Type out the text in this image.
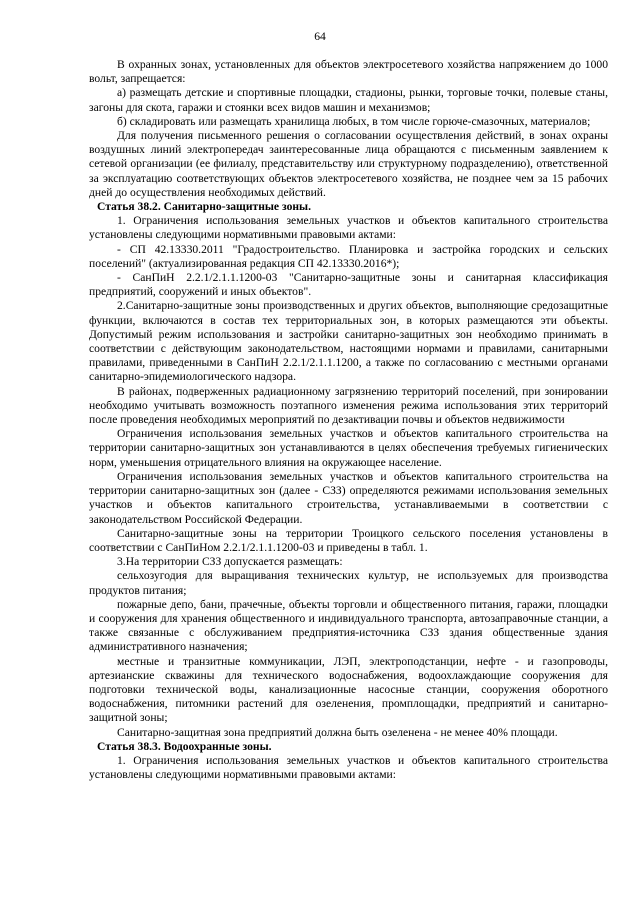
64

В охранных зонах, установленных для объектов электросетевого хозяйства напряжением до 1000 вольт, запрещается:

а) размещать детские и спортивные площадки, стадионы, рынки, торговые точки, полевые станы, загоны для скота, гаражи и стоянки всех видов машин и механизмов;

б) складировать или размещать хранилища любых, в том числе горюче-смазочных, материалов;

Для получения письменного решения о согласовании осуществления действий, в зонах охраны воздушных линий электропередач заинтересованные лица обращаются с письменным заявлением к сетевой организации (ее филиалу, представительству или структурному подразделению), ответственной за эксплуатацию соответствующих объектов электросетевого хозяйства, не позднее чем за 15 рабочих дней до осуществления необходимых действий.

Статья 38.2. Санитарно-защитные зоны.

1. Ограничения использования земельных участков и объектов капитального строительства установлены следующими нормативными правовыми актами:

- СП 42.13330.2011 "Градостроительство. Планировка и застройка городских и сельских поселений" (актуализированная редакция СП 42.13330.2016*);

- СанПиН 2.2.1/2.1.1.1200-03 "Санитарно-защитные зоны и санитарная классификация предприятий, сооружений и иных объектов".

2.Санитарно-защитные зоны производственных и других объектов, выполняющие средозащитные функции, включаются в состав тех территориальных зон, в которых размещаются эти объекты. Допустимый режим использования и застройки санитарно-защитных зон необходимо принимать в соответствии с действующим законодательством, настоящими нормами и правилами, санитарными правилами, приведенными в СанПиН 2.2.1/2.1.1.1200, а также по согласованию с местными органами санитарно-эпидемиологического надзора.

В районах, подверженных радиационному загрязнению территорий поселений, при зонировании необходимо учитывать возможность поэтапного изменения режима использования этих территорий после проведения необходимых мероприятий по дезактивации почвы и объектов недвижимости

Ограничения использования земельных участков и объектов капитального строительства на территории санитарно-защитных зон устанавливаются в целях обеспечения требуемых гигиенических норм, уменьшения отрицательного влияния на окружающее население.

Ограничения использования земельных участков и объектов капитального строительства на территории санитарно-защитных зон (далее - СЗЗ) определяются режимами использования земельных участков и объектов капитального строительства, устанавливаемыми в соответствии с законодательством Российской Федерации.

Санитарно-защитные зоны на территории Троицкого сельского поселения установлены в соответствии с СанПиНом 2.2.1/2.1.1.1200-03 и приведены в табл. 1.

3.На территории СЗЗ допускается размещать:

сельхозугодия для выращивания технических культур, не используемых для производства продуктов питания;

пожарные депо, бани, прачечные, объекты торговли и общественного питания, гаражи, площадки и сооружения для хранения общественного и индивидуального транспорта, автозаправочные станции, а также связанные с обслуживанием предприятия-источника СЗЗ здания общественные здания административного назначения;

местные и транзитные коммуникации, ЛЭП, электроподстанции, нефте - и газопроводы, артезианские скважины для технического водоснабжения, водоохлаждающие сооружения для подготовки технической воды, канализационные насосные станции, сооружения оборотного водоснабжения, питомники растений для озеленения, промплощадки, предприятий и санитарно-защитной зоны;

Санитарно-защитная зона предприятий должна быть озеленена - не менее 40% площади.

Статья 38.3. Водоохранные зоны.

1. Ограничения использования земельных участков и объектов капитального строительства установлены следующими нормативными правовыми актами:
